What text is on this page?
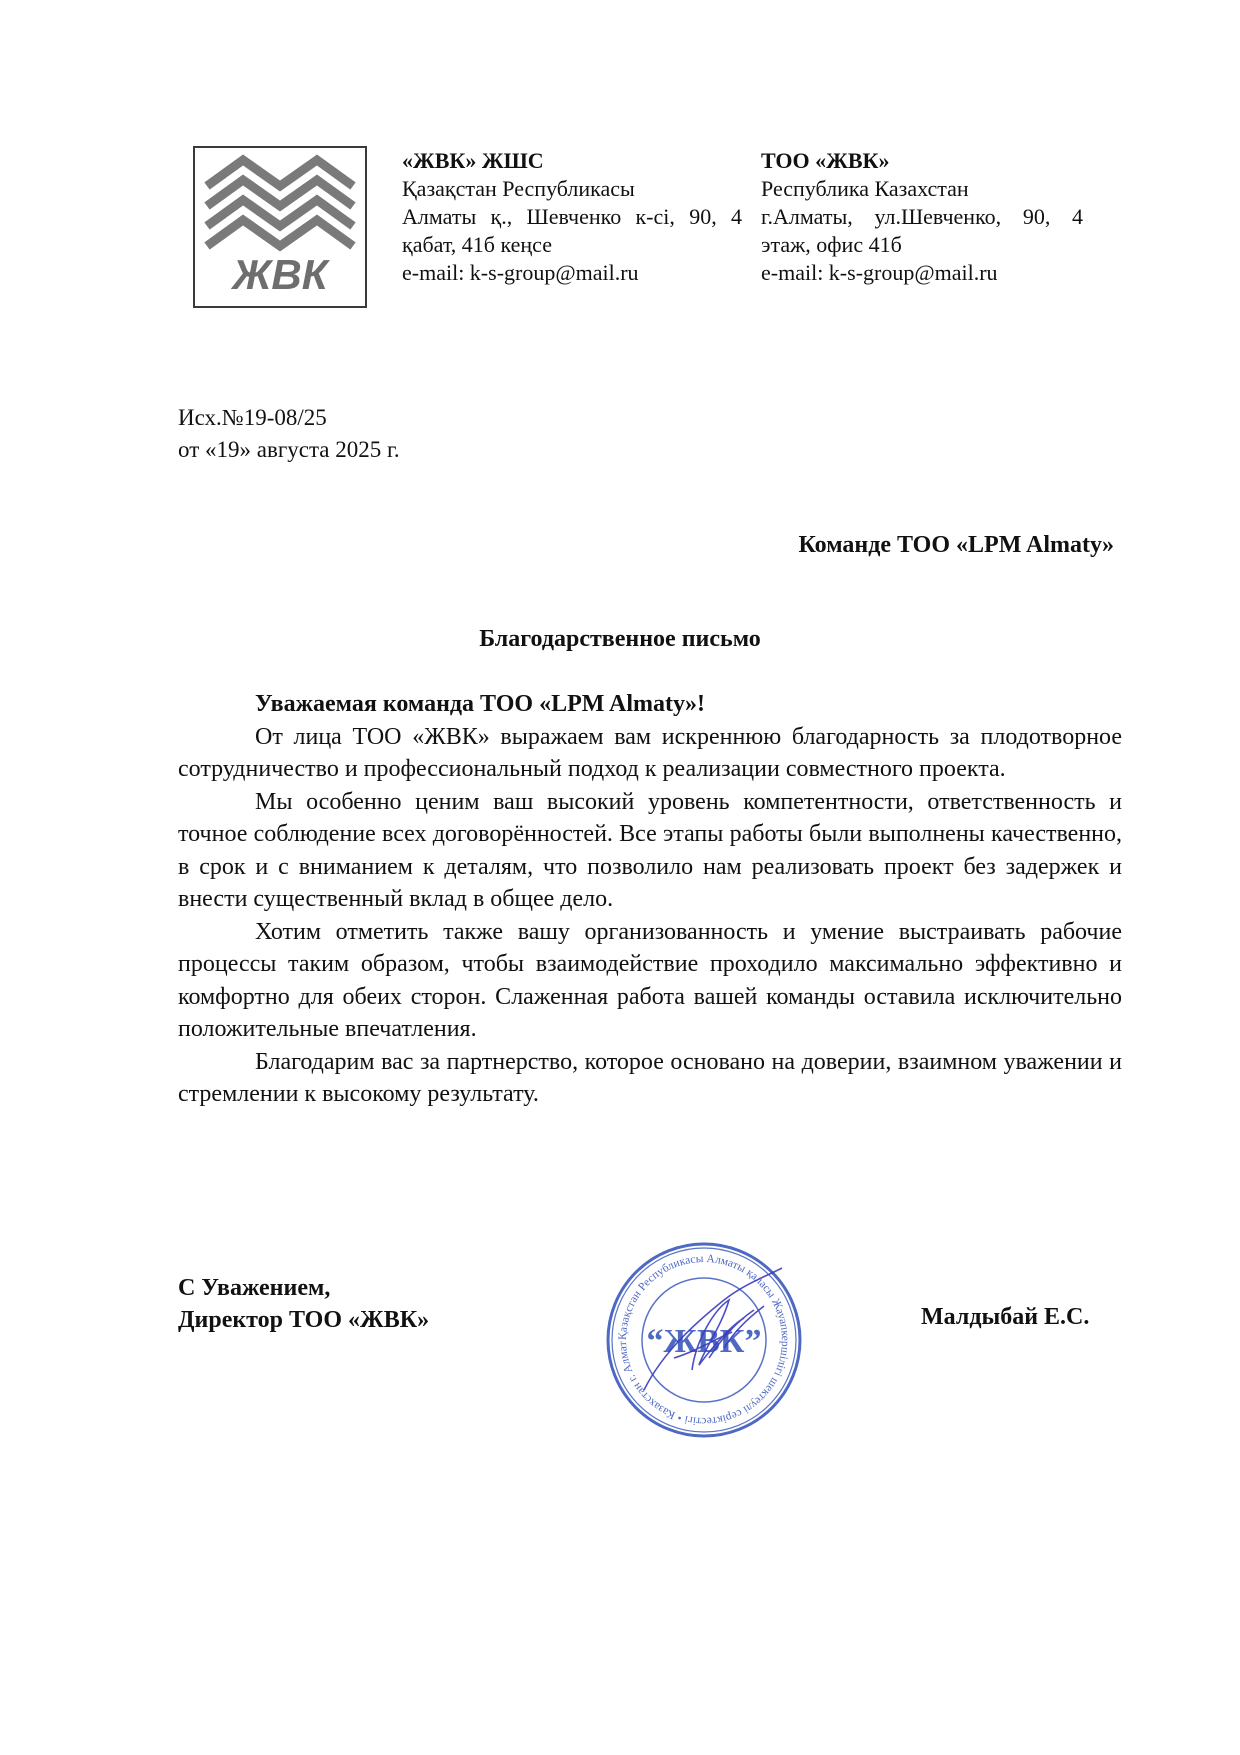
ЖВК
«ЖВК» ЖШС
Қазақстан Республикасы
Алматы қ., Шевченко к-сі, 90, 4
қабат, 41б кеңсе
e-mail: k-s-group@mail.ru
ТОО «ЖВК»
Республика Казахстан
г.Алматы, ул.Шевченко, 90, 4
этаж, офис 41б
e-mail: k-s-group@mail.ru
Исх.№19-08/25
от «19» августа 2025 г.
Команде ТОО «LPM Almaty»
Благодарственное письмо

Уважаемая команда ТОО «LPM Almaty»!

От лица ТОО «ЖВК» выражаем вам искреннюю благодарность за плодотворное сотрудничество и профессиональный подход к реализации совместного проекта.

Мы особенно ценим ваш высокий уровень компетентности, ответственность и точное соблюдение всех договорённостей. Все этапы работы были выполнены качественно, в срок и с вниманием к деталям, что позволило нам реализовать проект без задержек и внести существенный вклад в общее дело.

Хотим отметить также вашу организованность и умение выстраивать рабочие процессы таким образом, чтобы взаимодействие проходило максимально эффективно и комфортно для обеих сторон. Слаженная работа вашей команды оставила исключительно положительные впечатления.

Благодарим вас за партнерство, которое основано на доверии, взаимном уважении и стремлении к высокому результату.

С Уважением,
Директор ТОО «ЖВК»	Малдыбай Е.С.
Қазақстан Республикасы Алматы қаласы Жауапкершілігі шектеулі серіктестігі • Казахстан г. Алмат “ЖВК”
